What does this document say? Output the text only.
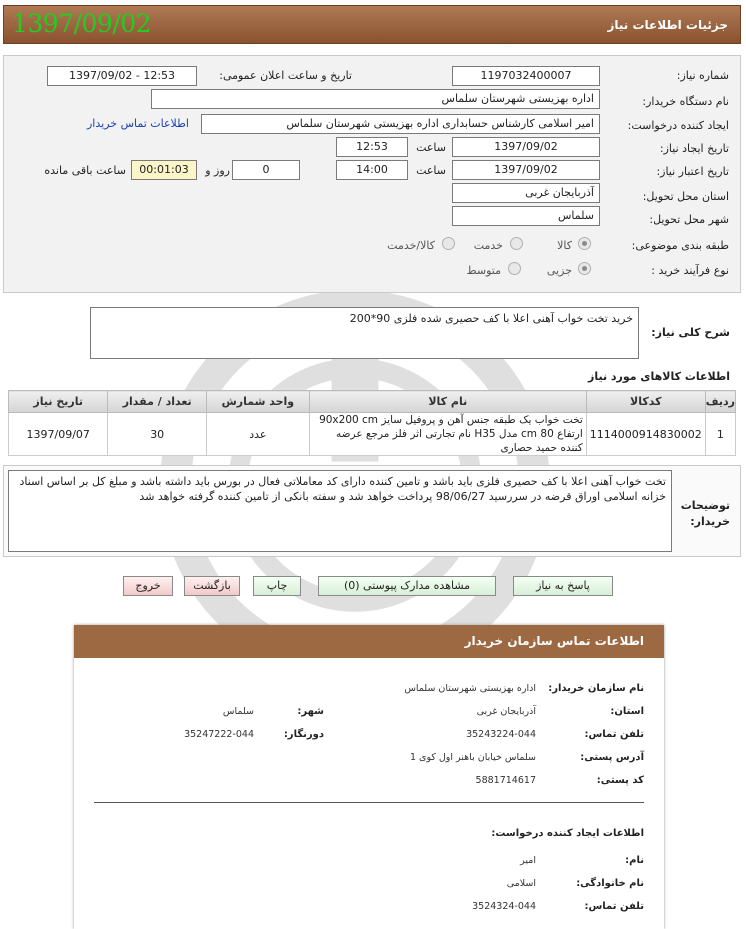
جزئیات اطلاعات نیاز
1397/09/02
شماره نیاز:
1197032400007
تاریخ و ساعت اعلان عمومی:
1397/09/02 - 12:53
نام دستگاه خریدار:
اداره بهزیستی شهرستان سلماس
ایجاد کننده درخواست:
امیر اسلامی کارشناس حسابداری اداره بهزیستی شهرستان سلماس
اطلاعات تماس خریدار
تاریخ ایجاد نیاز:
1397/09/02
ساعت
12:53
تاریخ اعتبار نیاز:
1397/09/02
ساعت
14:00
0
روز و
00:01:03
ساعت باقی مانده
استان محل تحویل:
آذربایجان غربی
شهر محل تحویل:
سلماس
طبقه بندی موضوعی:
کالا
خدمت
کالا/خدمت
نوع فرآیند خرید :
جزیی
متوسط
شرح کلی نیاز:
خرید تخت خواب آهنی اعلا با کف حصیری شده فلزی 90*200
اطلاعات کالاهای مورد نیاز
ردیف	کدکالا	نام کالا	واحد شمارش	تعداد / مقدار	تاریخ نیاز
1	1114000914830002	تخت خواب یک طبقه جنس آهن و پروفیل سایز 90x200 cm ارتفاع 80 cm مدل H35 نام تجارتی اثر فلز مرجع عرضه کننده حمید حصاری	عدد	30	1397/09/07
توضیحات خریدار:
تخت خواب آهنی اعلا با کف حصیری فلزی باید باشد و تامین کننده دارای کد معاملاتی فعال در بورس باید داشته باشد و مبلغ کل بر اساس اسناد خزانه اسلامی اوراق قرضه در سررسید 98/06/27 پرداخت خواهد شد و سفته بانکی از تامین کننده گرفته خواهد شد
پاسخ به نیاز
مشاهده مدارک پیوستی (0)
چاپ
بازگشت
خروج
اطلاعات تماس سازمان خریدار
نام سازمان خریدار:
اداره بهزیستی شهرستان سلماس
استان:
آذربایجان غربی
شهر:
سلماس
تلفن تماس:
35243224-044
دورنگار:
35247222-044
آدرس پستی:
سلماس خیابان باهنر اول کوی 1
کد پستی:
5881714617
اطلاعات ایجاد کننده درخواست:
نام:
امیر
نام خانوادگی:
اسلامی
تلفن تماس:
3524324-044
